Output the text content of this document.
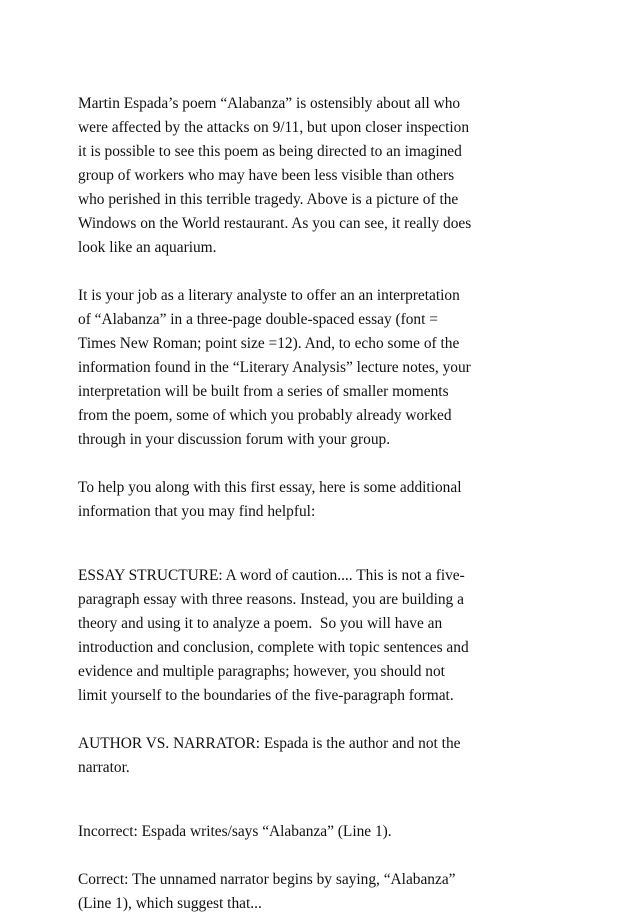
Martin Espada’s poem “Alabanza” is ostensibly about all who
were affected by the attacks on 9/11, but upon closer inspection
it is possible to see this poem as being directed to an imagined
group of workers who may have been less visible than others
who perished in this terrible tragedy. Above is a picture of the
Windows on the World restaurant. As you can see, it really does
look like an aquarium.
It is your job as a literary analyste to offer an an interpretation
of “Alabanza” in a three-page double-spaced essay (font =
Times New Roman; point size =12). And, to echo some of the
information found in the “Literary Analysis” lecture notes, your
interpretation will be built from a series of smaller moments
from the poem, some of which you probably already worked
through in your discussion forum with your group.
To help you along with this first essay, here is some additional
information that you may find helpful:
ESSAY STRUCTURE: A word of caution.... This is not a five-
paragraph essay with three reasons. Instead, you are building a
theory and using it to analyze a poem.  So you will have an
introduction and conclusion, complete with topic sentences and
evidence and multiple paragraphs; however, you should not
limit yourself to the boundaries of the five-paragraph format.
AUTHOR VS. NARRATOR: Espada is the author and not the
narrator.
Incorrect: Espada writes/says “Alabanza” (Line 1).
Correct: The unnamed narrator begins by saying, “Alabanza”
(Line 1), which suggest that...
